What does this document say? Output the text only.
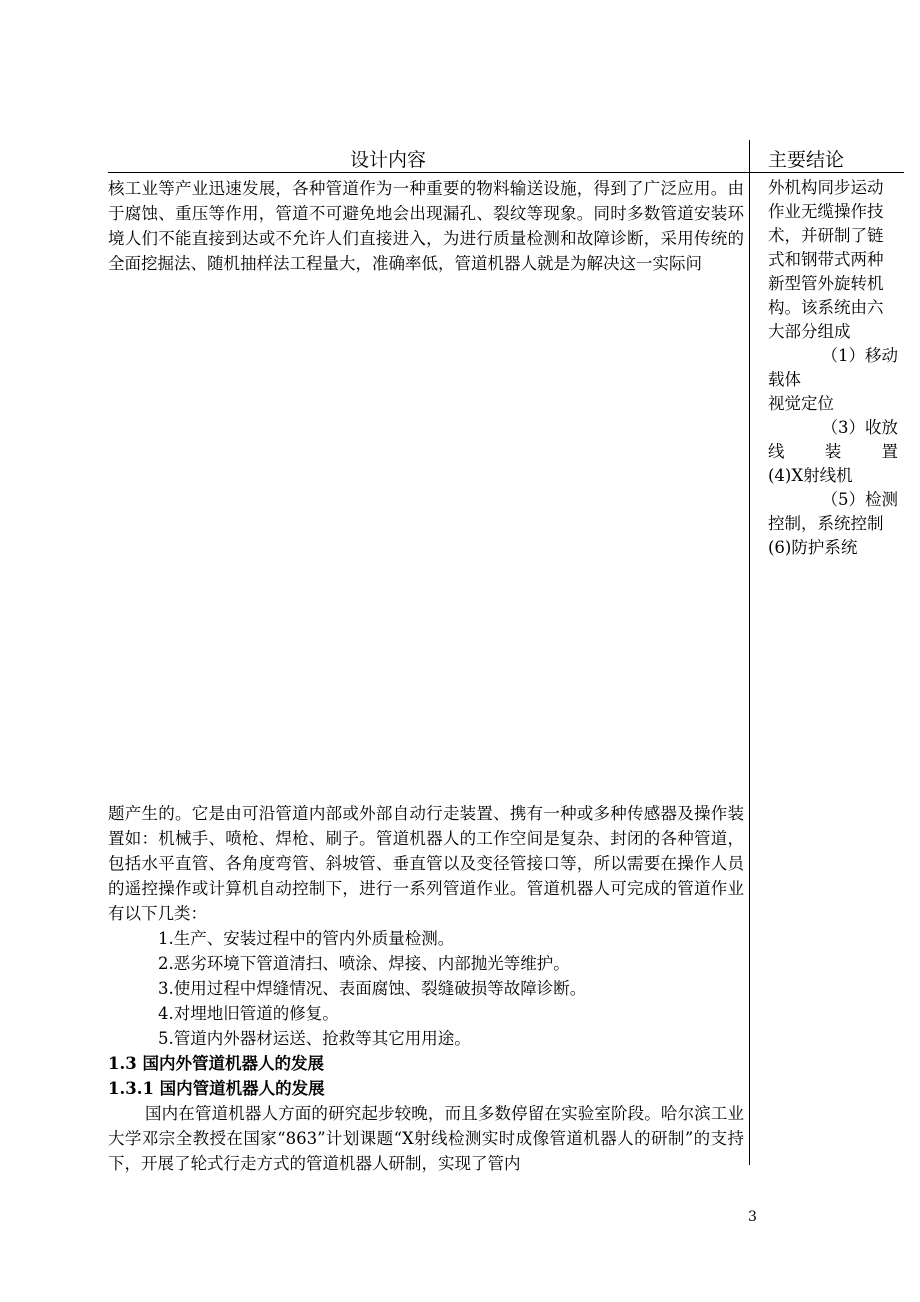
设计内容	主要结论

核工业等产业迅速发展，各种管道作为一种重要的物料输送设施，得到了广泛应用。由于腐蚀、重压等作用，管道不可避免地会出现漏孔、裂纹等现象。同时多数管道安装环境人们不能直接到达或不允许人们直接进入，为进行质量检测和故障诊断，采用传统的全面挖掘法、随机抽样法工程量大，准确率低，管道机器人就是为解决这一实际问

题产生的。它是由可沿管道内部或外部自动行走装置、携有一种或多种传感器及操作装置如：机械手、喷枪、焊枪、刷子。管道机器人的工作空间是复杂、封闭的各种管道，包括水平直管、各角度弯管、斜坡管、垂直管以及变径管接口等，所以需要在操作人员的遥控操作或计算机自动控制下，进行一系列管道作业。管道机器人可完成的管道作业有以下几类：

1.生产、安装过程中的管内外质量检测。

2.恶劣环境下管道清扫、喷涂、焊接、内部抛光等维护。

3.使用过程中焊缝情况、表面腐蚀、裂缝破损等故障诊断。

4.对埋地旧管道的修复。

5.管道内外器材运送、抢救等其它用用途。

1.3 国内外管道机器人的发展

1.3.1 国内管道机器人的发展

国内在管道机器人方面的研究起步较晚，而且多数停留在实验室阶段。哈尔滨工业大学邓宗全教授在国家“863”计划课题“X射线检测实时成像管道机器人的研制”的支持下，开展了轮式行走方式的管道机器人研制，实现了管内

外机构同步运动

作业无缆操作技

术，并研制了链

式和钢带式两种

新型管外旋转机

构。该系统由六

大部分组成

（1）移动

载体

视觉定位

（3）收放

线 装 置

(4)X射线机

（5）检测

控制，系统控制

(6)防护系统

3
